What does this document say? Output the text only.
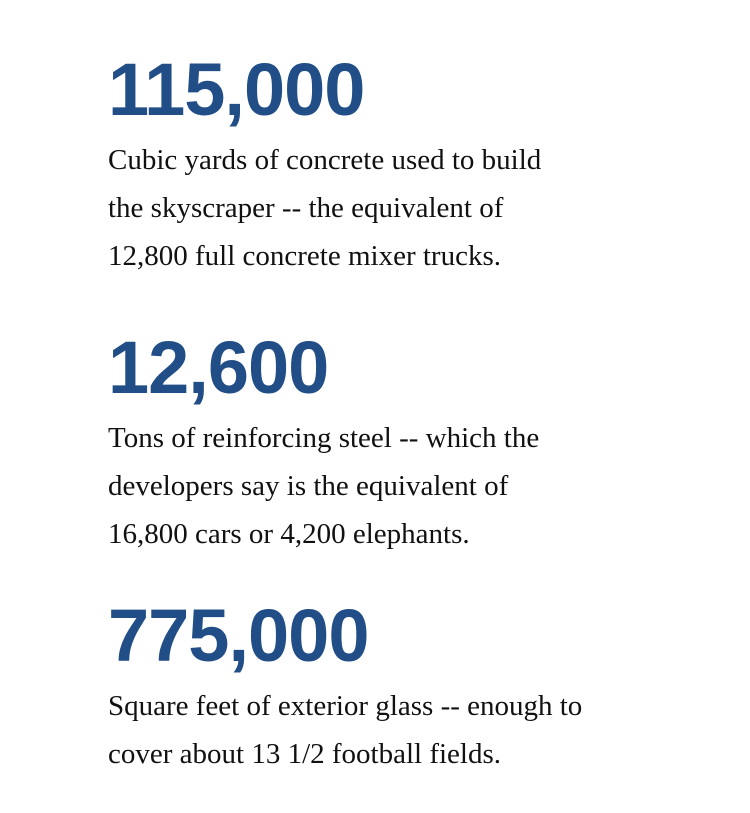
115,000
Cubic yards of concrete used to build
the skyscraper -- the equivalent of
12,800 full concrete mixer trucks.
12,600
Tons of reinforcing steel -- which the
developers say is the equivalent of
16,800 cars or 4,200 elephants.
775,000
Square feet of exterior glass -- enough to
cover about 13 1/2 football fields.
